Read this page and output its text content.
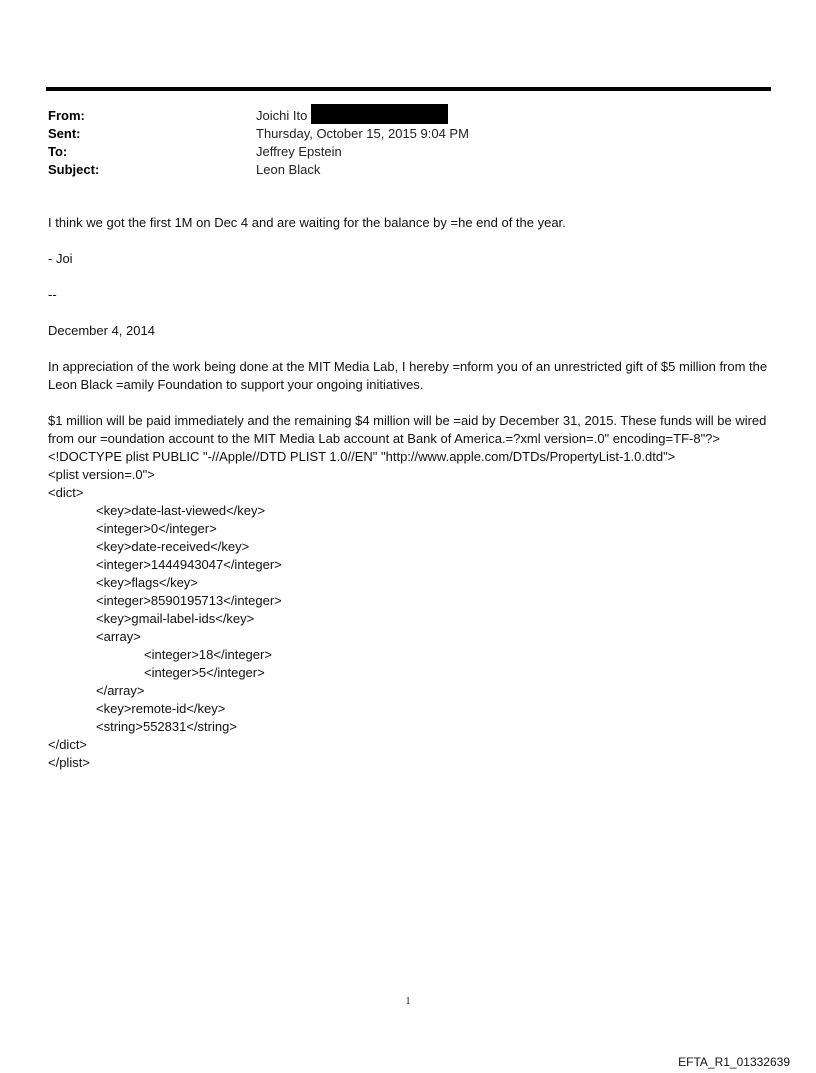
From:	Joichi Ito
Sent:	Thursday, October 15, 2015 9:04 PM
To:	Jeffrey Epstein
Subject:	Leon Black

I think we got the first 1M on Dec 4 and are waiting for the balance by =he end of the year.

- Joi

--

December 4, 2014

In appreciation of the work being done at the MIT Media Lab, I hereby =nform you of an unrestricted gift of $5 million from the Leon Black =amily Foundation to support your ongoing initiatives.

$1 million will be paid immediately and the remaining $4 million will be =aid by December 31, 2015. These funds will be wired from our =oundation account to the MIT Media Lab account at Bank of America.=?xml version=.0" encoding=TF-8"?> <!DOCTYPE plist PUBLIC "-//Apple//DTD PLIST 1.0//EN" "http://www.apple.com/DTDs/PropertyList-1.0.dtd">

<plist version=.0">

<dict>

<key>date-last-viewed</key>

<integer>0</integer>

<key>date-received</key>

<integer>1444943047</integer>

<key>flags</key>

<integer>8590195713</integer>

<key>gmail-label-ids</key>

<array>

<integer>18</integer>

<integer>5</integer>

</array>

<key>remote-id</key>

<string>552831</string>

</dict>

</plist>

1
EFTA_R1_01332639
